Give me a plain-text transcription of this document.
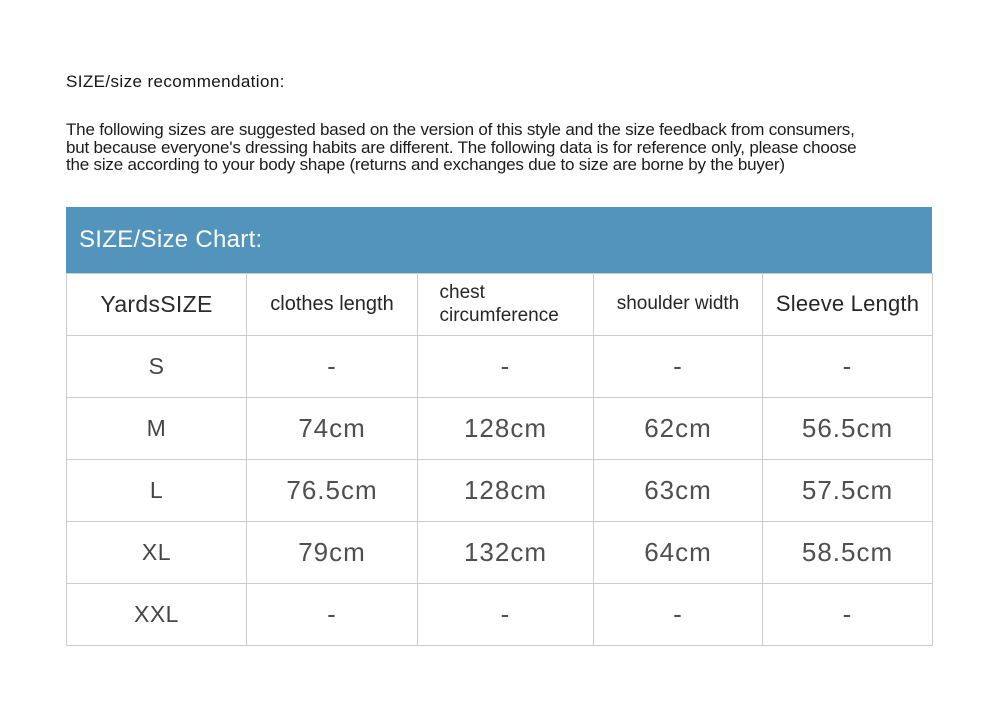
SIZE/size recommendation:
The following sizes are suggested based on the version of this style and the size feedback from consumers,
but because everyone's dressing habits are different. The following data is for reference only, please choose
the size according to your body shape (returns and exchanges due to size are borne by the buyer)
SIZE/Size Chart:
YardsSIZE	clothes length	chest circumference	shoulder width	Sleeve Length
S	-	-	-	-
M	74cm	128cm	62cm	56.5cm
L	76.5cm	128cm	63cm	57.5cm
XL	79cm	132cm	64cm	58.5cm
XXL	-	-	-	-
